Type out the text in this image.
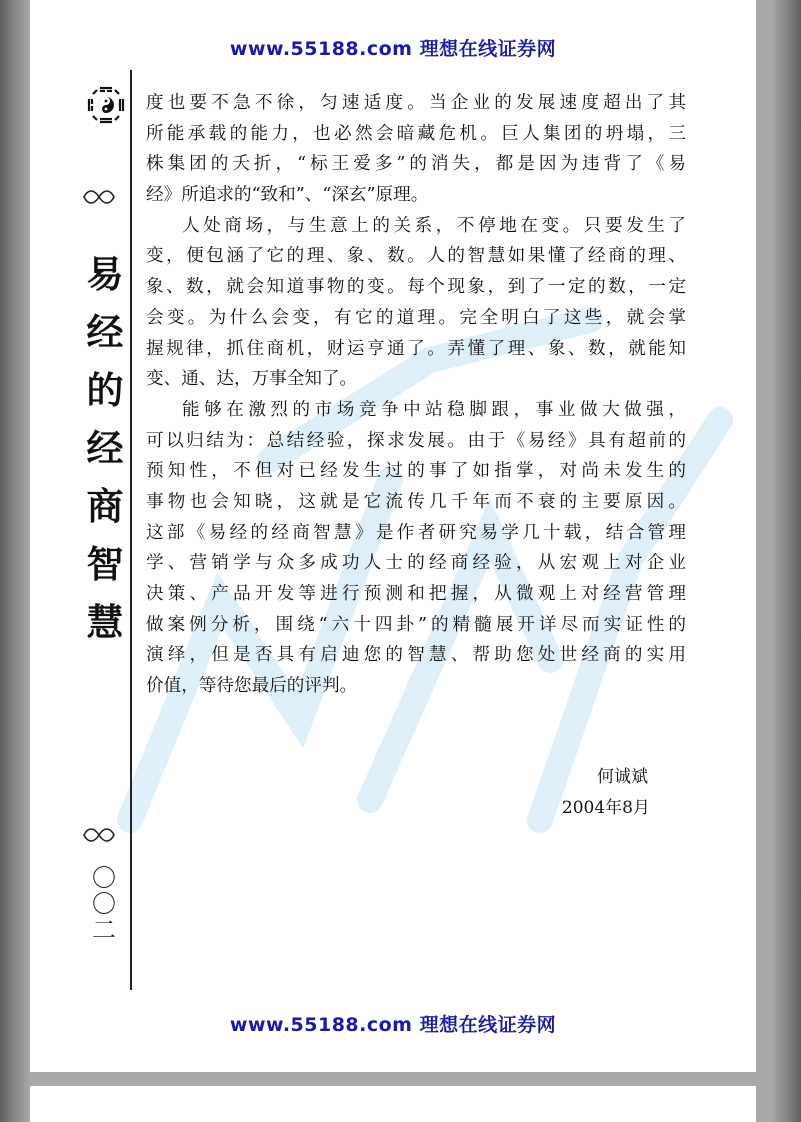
www.55188.com 理想在线证券网
易
经
的
经
商
智
慧
〇
〇
二
度也要不急不徐，匀速适度。当企业的发展速度超出了其
所能承载的能力，也必然会暗藏危机。巨人集团的坍塌，三
株集团的夭折，“标王爱多”的消失，都是因为违背了《易
经》所追求的“致和”、“深玄”原理。
人处商场，与生意上的关系，不停地在变。只要发生了
变，便包涵了它的理、象、数。人的智慧如果懂了经商的理、
象、数，就会知道事物的变。每个现象，到了一定的数，一定
会变。为什么会变，有它的道理。完全明白了这些，就会掌
握规律，抓住商机，财运亨通了。弄懂了理、象、数，就能知
变、通、达，万事全知了。
能够在激烈的市场竞争中站稳脚跟，事业做大做强，
可以归结为：总结经验，探求发展。由于《易经》具有超前的
预知性，不但对已经发生过的事了如指掌，对尚未发生的
事物也会知晓，这就是它流传几千年而不衰的主要原因。
这部《易经的经商智慧》是作者研究易学几十载，结合管理
学、营销学与众多成功人士的经商经验，从宏观上对企业
决策、产品开发等进行预测和把握，从微观上对经营管理
做案例分析，围绕“六十四卦”的精髓展开详尽而实证性的
演绎，但是否具有启迪您的智慧、帮助您处世经商的实用
价值，等待您最后的评判。
何诚斌
2004年8月
www.55188.com 理想在线证券网
